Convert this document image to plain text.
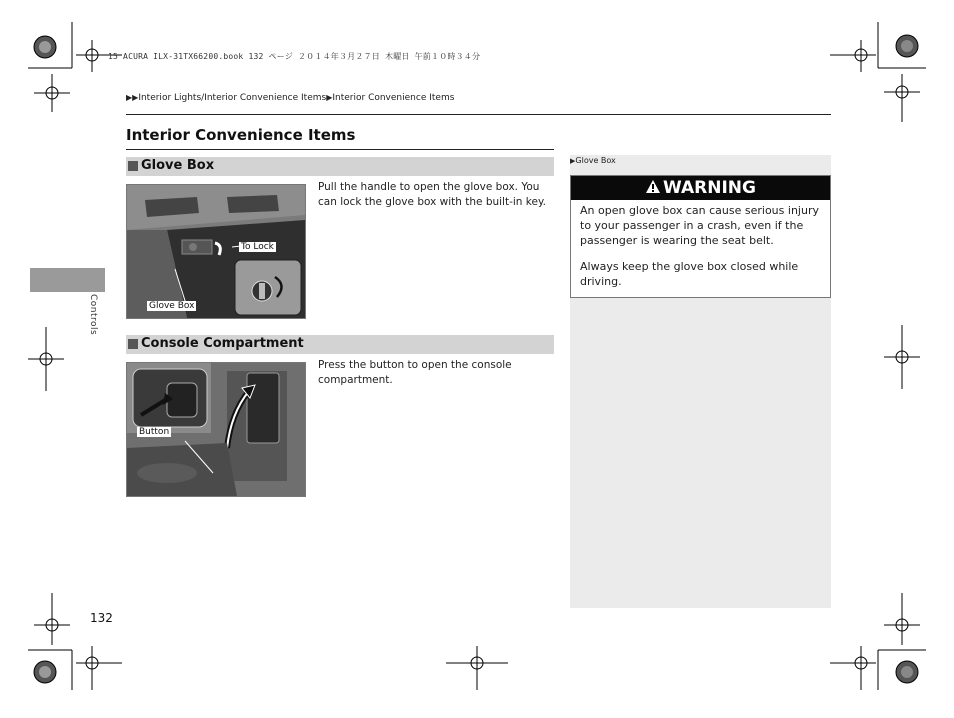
15 ACURA ILX-31TX66200.book 132 ページ ２０１４年３月２７日 木曜日 午前１０時３４分
▶▶Interior Lights/Interior Convenience Items▶Interior Convenience Items
Interior Convenience Items
Controls
Glove Box
To Lock
Glove Box
Pull the handle to open the glove box. You can lock the glove box with the built-in key.
Console Compartment
Button
Press the button to open the console compartment.
▶Glove Box
WARNING
An open glove box can cause serious injury to your passenger in a crash, even if the passenger is wearing the seat belt.
Always keep the glove box closed while driving.
132
